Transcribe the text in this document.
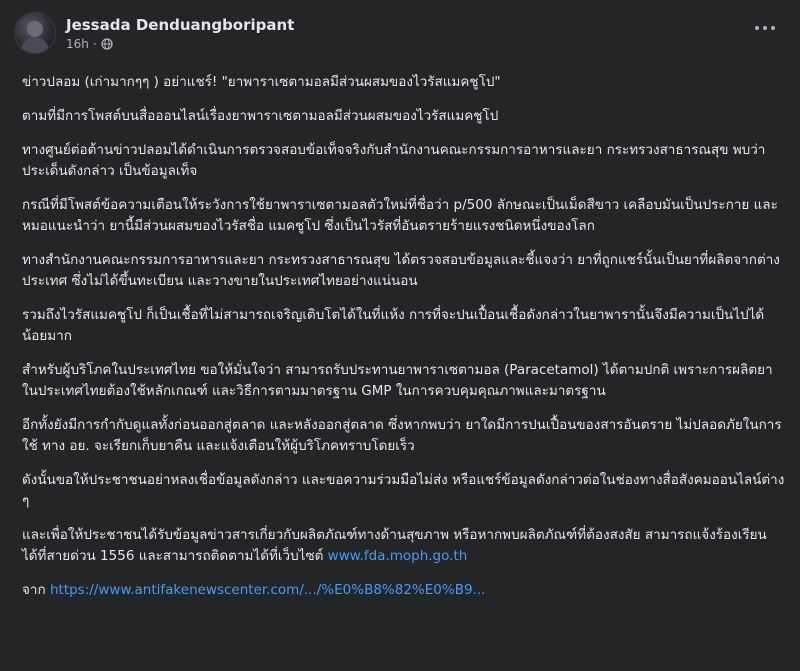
Jessada Denduangboripant
16h ·

ข่าวปลอม (เก่ามากๆๆ ) อย่าแชร์! "ยาพาราเซตามอลมีส่วนผสมของไวรัสแมคชูโป"

ตามที่มีการโพสต์บนสื่อออนไลน์เรื่องยาพาราเซตามอลมีส่วนผสมของไวรัสแมคชูโป

ทางศูนย์ต่อต้านข่าวปลอมได้ดำเนินการตรวจสอบข้อเท็จจริงกับสำนักงานคณะกรรมการอาหารและยา กระทรวงสาธารณสุข พบว่าประเด็นดังกล่าว เป็นข้อมูลเท็จ

กรณีที่มีโพสต์ข้อความเตือนให้ระวังการใช้ยาพาราเซตามอลตัวใหม่ที่ชื่อว่า p/500 ลักษณะเป็นเม็ดสีขาว เคลือบมันเป็นประกาย และหมอแนะนำว่า ยานี้มีส่วนผสมของไวรัสชื่อ แมคชูโป ซึ่งเป็นไวรัสที่อันตรายร้ายแรงชนิดหนึ่งของโลก

ทางสำนักงานคณะกรรมการอาหารและยา กระทรวงสาธารณสุข ได้ตรวจสอบข้อมูลและชี้แจงว่า ยาที่ถูกแชร์นั้นเป็นยาที่ผลิตจากต่างประเทศ ซึ่งไม่ได้ขึ้นทะเบียน และวางขายในประเทศไทยอย่างแน่นอน

รวมถึงไวรัสแมคชูโป ก็เป็นเชื้อที่ไม่สามารถเจริญเติบโตได้ในที่แห้ง การที่จะปนเปื้อนเชื้อดังกล่าวในยาพารานั้นจึงมีความเป็นไปได้น้อยมาก

สำหรับผู้บริโภคในประเทศไทย ขอให้มั่นใจว่า สามารถรับประทานยาพาราเซตามอล (Paracetamol) ได้ตามปกติ เพราะการผลิตยาในประเทศไทยต้องใช้หลักเกณฑ์ และวิธีการตามมาตรฐาน GMP ในการควบคุมคุณภาพและมาตรฐาน

อีกทั้งยังมีการกำกับดูแลทั้งก่อนออกสู่ตลาด และหลังออกสู่ตลาด ซึ่งหากพบว่า ยาใดมีการปนเปื้อนของสารอันตราย ไม่ปลอดภัยในการใช้ ทาง อย. จะเรียกเก็บยาคืน และแจ้งเตือนให้ผู้บริโภคทราบโดยเร็ว

ดังนั้นขอให้ประชาชนอย่าหลงเชื่อข้อมูลดังกล่าว และขอความร่วมมือไม่ส่ง หรือแชร์ข้อมูลดังกล่าวต่อในช่องทางสื่อสังคมออนไลน์ต่าง ๆ

และเพื่อให้ประชาชนได้รับข้อมูลข่าวสารเกี่ยวกับผลิตภัณฑ์ทางด้านสุขภาพ หรือหากพบผลิตภัณฑ์ที่ต้องสงสัย สามารถแจ้งร้องเรียนได้ที่สายด่วน 1556 และสามารถติดตามได้ที่เว็บไซต์ www.fda.moph.go.th

จาก https://www.antifakenewscenter.com/.../%E0%B8%82%E0%B9...
